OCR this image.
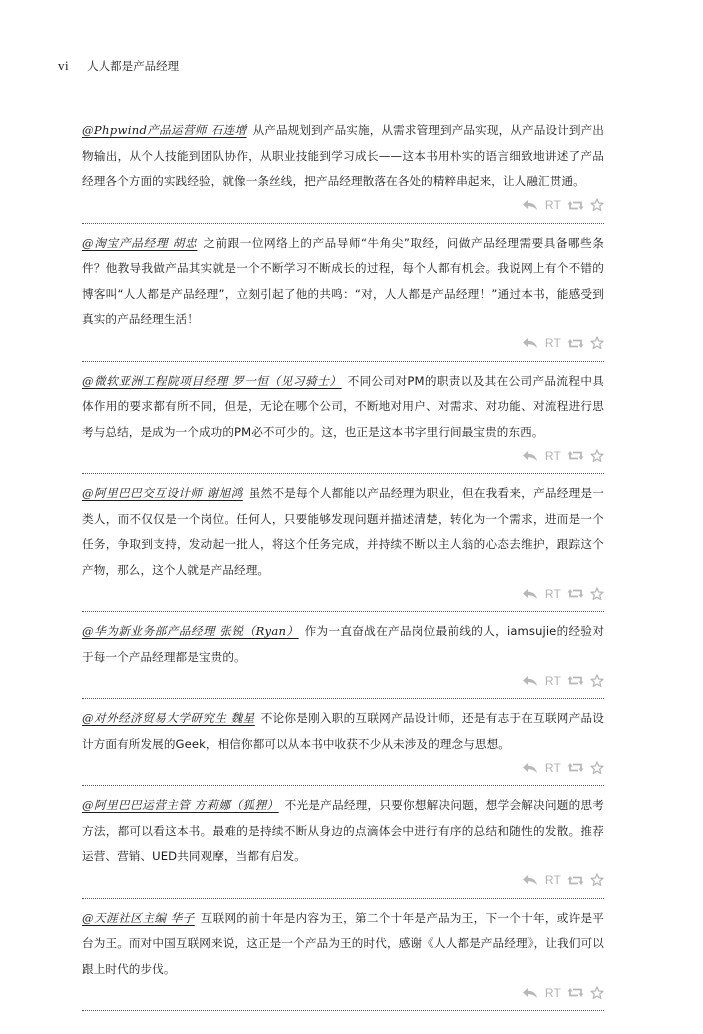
vi 人人都是产品经理

@Phpwind产品运营师 石连增 从产品规划到产品实施，从需求管理到产品实现，从产品设计到产出物输出，从个人技能到团队协作，从职业技能到学习成长——这本书用朴实的语言细致地讲述了产品经理各个方面的实践经验，就像一条丝线，把产品经理散落在各处的精粹串起来，让人融汇贯通。

RT

@淘宝产品经理 胡忠 之前跟一位网络上的产品导师“牛角尖”取经，问做产品经理需要具备哪些条件？他教导我做产品其实就是一个不断学习不断成长的过程，每个人都有机会。我说网上有个不错的博客叫“人人都是产品经理”，立刻引起了他的共鸣：“对，人人都是产品经理！”通过本书，能感受到真实的产品经理生活！

RT

@微软亚洲工程院项目经理 罗一恒（见习骑士） 不同公司对PM的职责以及其在公司产品流程中具体作用的要求都有所不同，但是，无论在哪个公司，不断地对用户、对需求、对功能、对流程进行思考与总结，是成为一个成功的PM必不可少的。这，也正是这本书字里行间最宝贵的东西。

RT

@阿里巴巴交互设计师 谢旭鸿 虽然不是每个人都能以产品经理为职业，但在我看来，产品经理是一类人，而不仅仅是一个岗位。任何人，只要能够发现问题并描述清楚，转化为一个需求，进而是一个任务，争取到支持，发动起一批人，将这个任务完成，并持续不断以主人翁的心态去维护，跟踪这个产物，那么，这个人就是产品经理。

RT

@华为新业务部产品经理 张锐（Ryan） 作为一直奋战在产品岗位最前线的人，iamsujie的经验对于每一个产品经理都是宝贵的。

RT

@对外经济贸易大学研究生 魏星 不论你是刚入职的互联网产品设计师，还是有志于在互联网产品设计方面有所发展的Geek，相信你都可以从本书中收获不少从未涉及的理念与思想。

RT

@阿里巴巴运营主管 方莉娜（狐狸） 不光是产品经理，只要你想解决问题，想学会解决问题的思考方法，都可以看这本书。最难的是持续不断从身边的点滴体会中进行有序的总结和随性的发散。推荐运营、营销、UED共同观摩，当都有启发。

RT

@天涯社区主编 华子 互联网的前十年是内容为王，第二个十年是产品为王，下一个十年，或许是平台为王。而对中国互联网来说，这正是一个产品为王的时代，感谢《人人都是产品经理》，让我们可以跟上时代的步伐。

RT
